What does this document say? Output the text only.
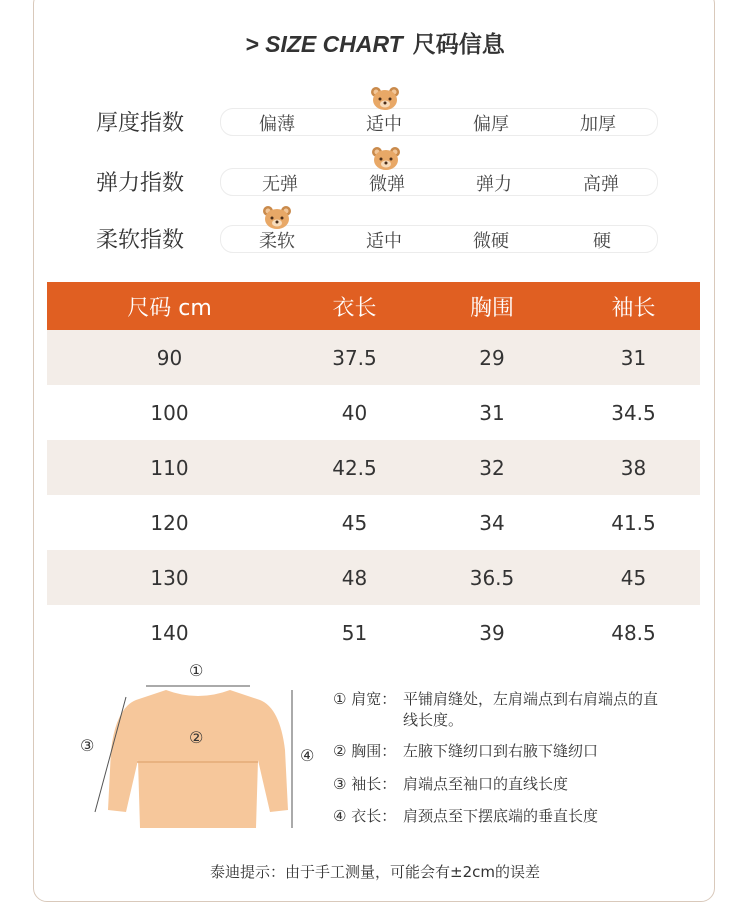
> SIZE CHART 尺码信息
厚度指数	偏薄	适中	偏厚	加厚
弹力指数	无弹	微弹	弹力	高弹
柔软指数	柔软	适中	微硬	硬
尺码 cm	衣长	胸围	袖长
90	37.5	29	31
100	40	31	34.5
110	42.5	32	38
120	45	34	41.5
130	48	36.5	45
140	51	39	48.5
①
②
③
④
① 肩宽： 平铺肩缝处，左肩端点到右肩端点的直线长度。
② 胸围： 左腋下缝纫口到右腋下缝纫口
③ 袖长： 肩端点至袖口的直线长度
④ 衣长： 肩颈点至下摆底端的垂直长度
泰迪提示：由于手工测量，可能会有±2cm的误差
